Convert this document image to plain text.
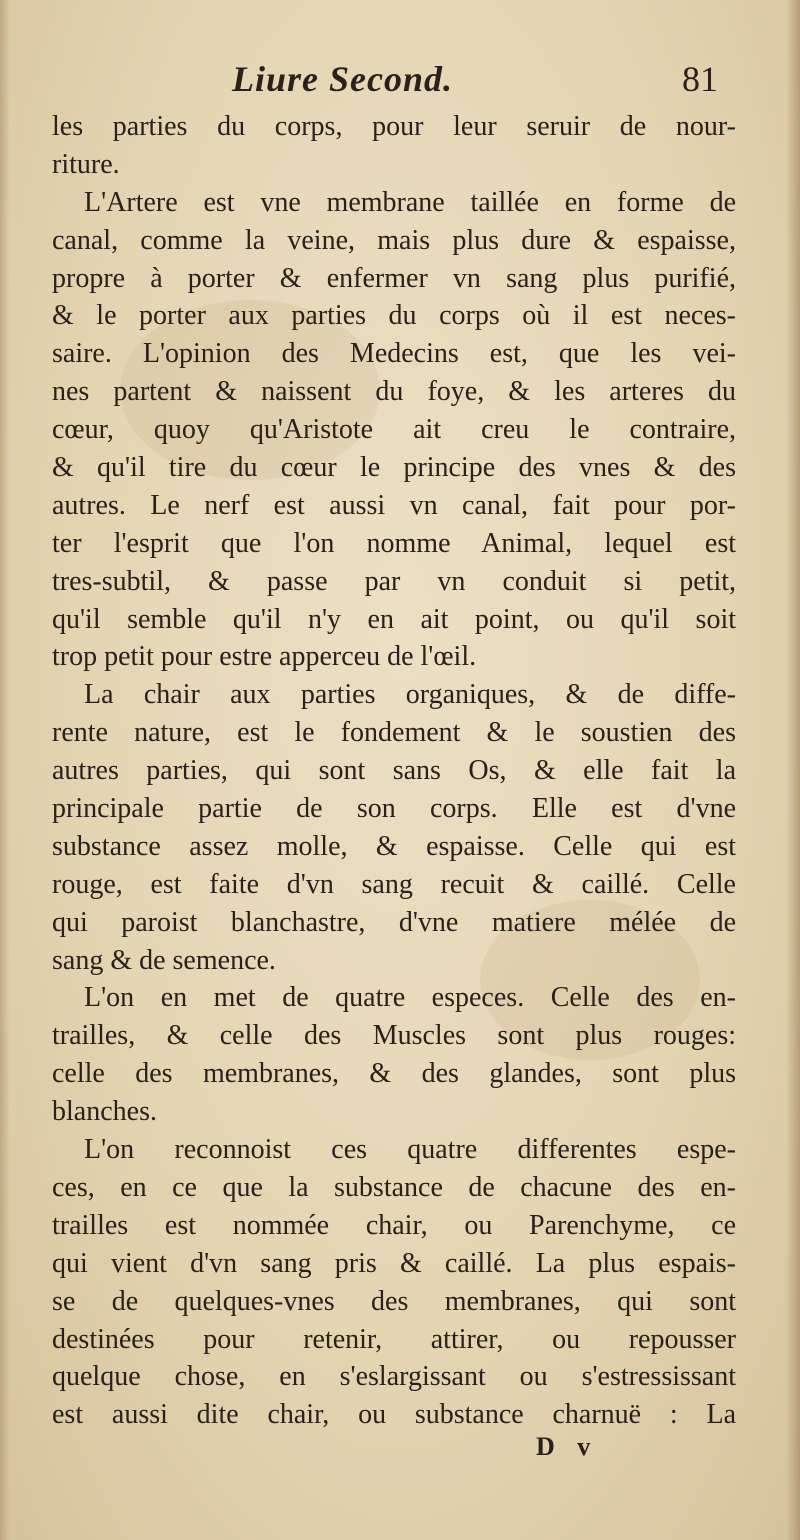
Liure Second.	81
les parties du corps, pour leur seruir de nour-
riture.
L'Artere est vne membrane taillée en forme de
canal, comme la veine, mais plus dure & espaisse,
propre à porter & enfermer vn sang plus purifié,
& le porter aux parties du corps où il est neces-
saire. L'opinion des Medecins est, que les vei-
nes partent & naissent du foye, & les arteres du
cœur, quoy qu'Aristote ait creu le contraire,
& qu'il tire du cœur le principe des vnes & des
autres. Le nerf est aussi vn canal, fait pour por-
ter l'esprit que l'on nomme Animal, lequel est
tres-subtil, & passe par vn conduit si petit,
qu'il semble qu'il n'y en ait point, ou qu'il soit
trop petit pour estre apperceu de l'œil.
La chair aux parties organiques, & de diffe-
rente nature, est le fondement & le soustien des
autres parties, qui sont sans Os, & elle fait la
principale partie de son corps. Elle est d'vne
substance assez molle, & espaisse. Celle qui est
rouge, est faite d'vn sang recuit & caillé. Celle
qui paroist blanchastre, d'vne matiere mélée de
sang & de semence.
L'on en met de quatre especes. Celle des en-
trailles, & celle des Muscles sont plus rouges:
celle des membranes, & des glandes, sont plus
blanches.
L'on reconnoist ces quatre differentes espe-
ces, en ce que la substance de chacune des en-
trailles est nommée chair, ou Parenchyme, ce
qui vient d'vn sang pris & caillé. La plus espais-
se de quelques-vnes des membranes, qui sont
destinées pour retenir, attirer, ou repousser
quelque chose, en s'eslargissant ou s'estressissant
est aussi dite chair, ou substance charnuë : La
D v
